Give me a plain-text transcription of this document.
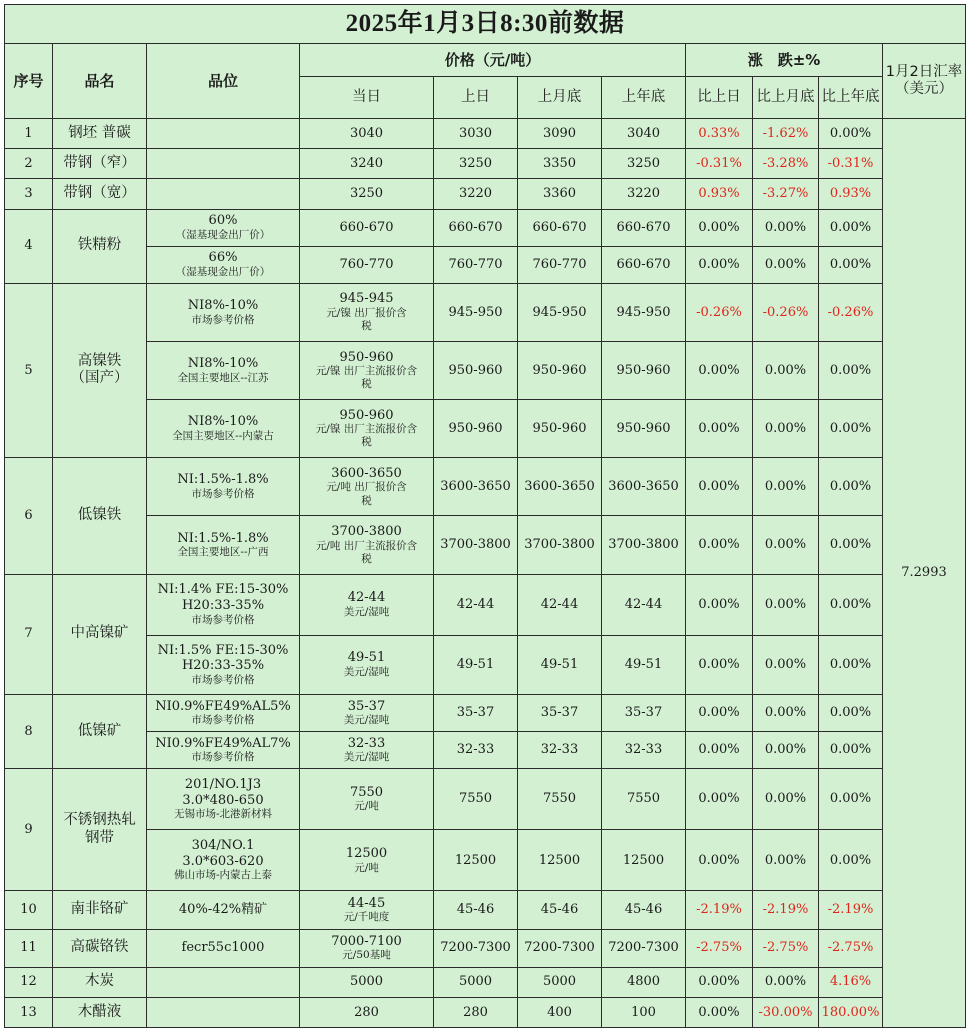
2025年1月3日8:30前数据										
序号	品名	品位	价格（元/吨）				涨　跌±%			1月2日汇率（美元）
			当日	上日	上月底	上年底	比上日	比上月底	比上年底	
1	钢坯 普碳		3040	3030	3090	3040	0.33%	-1.62%	0.00%	7.2993
2	带钢（窄）		3240	3250	3350	3250	-0.31%	-3.28%	-0.31%	
3	带钢（宽）		3250	3220	3360	3220	0.93%	-3.27%	0.93%	
4	铁精粉	60%
（湿基现金出厂价）	660-670	660-670	660-670	660-670	0.00%	0.00%	0.00%	

		66%
（湿基现金出厂价）	760-770	760-770	760-770	660-670	0.00%	0.00%	0.00%	
5	高镍铁（国产）	NI8%-10%
市场参考价格	945-945
元/镍 出厂报价含税	945-950	945-950	945-950	-0.26%	-0.26%	-0.26%	

		NI8%-10%
全国主要地区--江苏	950-960
元/镍 出厂主流报价含税	950-960	950-960	950-960	0.00%	0.00%	0.00%	

		NI8%-10%
全国主要地区--内蒙古	950-960
元/镍 出厂主流报价含税	950-960	950-960	950-960	0.00%	0.00%	0.00%	
6	低镍铁	NI:1.5%-1.8%
市场参考价格	3600-3650
元/吨 出厂报价含税	3600-3650	3600-3650	3600-3650	0.00%	0.00%	0.00%	

		NI:1.5%-1.8%
全国主要地区--广西	3700-3800
元/吨 出厂主流报价含税	3700-3800	3700-3800	3700-3800	0.00%	0.00%	0.00%	
7	中高镍矿	NI:1.4% FE:15-30% H20:33-35%
市场参考价格	42-44
美元/湿吨	42-44	42-44	42-44	0.00%	0.00%	0.00%	

		NI:1.5% FE:15-30% H20:33-35%
市场参考价格	49-51
美元/湿吨	49-51	49-51	49-51	0.00%	0.00%	0.00%	
8	低镍矿	NI0.9%FE49%AL5%
市场参考价格	35-37
美元/湿吨	35-37	35-37	35-37	0.00%	0.00%	0.00%	

		NI0.9%FE49%AL7%
市场参考价格	32-33
美元/湿吨	32-33	32-33	32-33	0.00%	0.00%	0.00%	
9	不锈钢热轧钢带	201/NO.1J3 3.0*480-650
无锡市场-北港新材料	7550
元/吨	7550	7550	7550	0.00%	0.00%	0.00%	

		304/NO.1 3.0*603-620
佛山市场-内蒙古上泰	12500
元/吨	12500	12500	12500	0.00%	0.00%	0.00%	
10	南非铬矿	40%-42%精矿	44-45
元/千吨度	45-46	45-46	45-46	-2.19%	-2.19%	-2.19%	
11	高碳铬铁	fecr55c1000	7000-7100
元/50基吨	7200-7300	7200-7300	7200-7300	-2.75%	-2.75%	-2.75%	
12	木炭		5000	5000	5000	4800	0.00%	0.00%	4.16%	
13	木醋液		280	280	400	100	0.00%	-30.00%	180.00%	
